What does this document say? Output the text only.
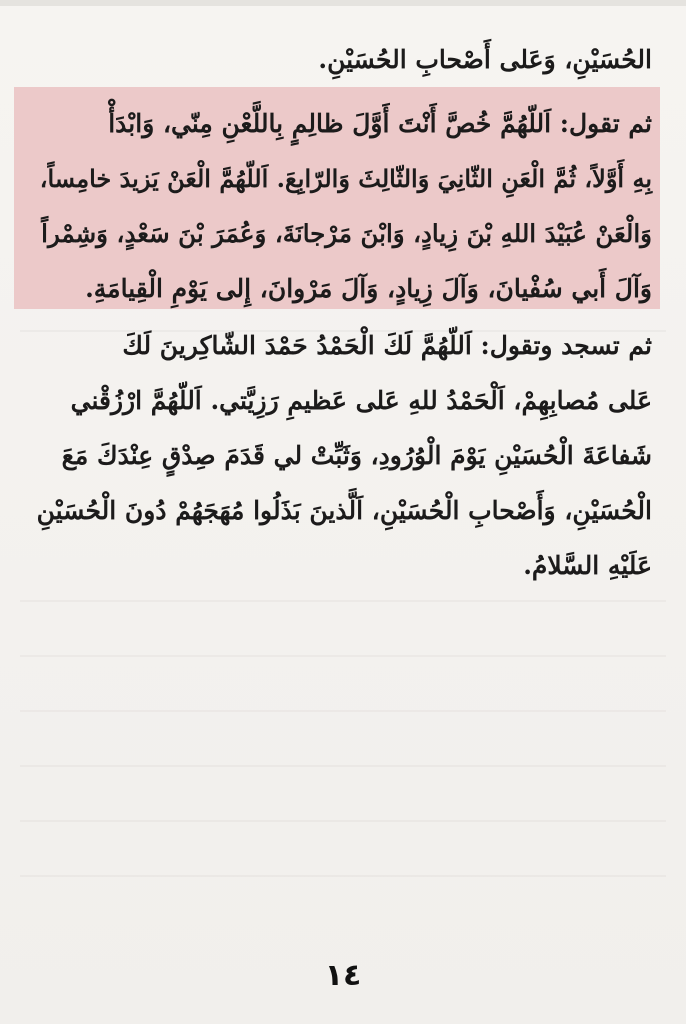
الحُسَيْنِ، وَعَلى أَصْحابِ الحُسَيْنِ.
ثم تقول: اَللّهُمَّ خُصَّ أَنْتَ أَوَّلَ ظالِمٍ بِاللَّعْنِ مِنّي، وَابْدَأْ
بِهِ أَوَّلاً، ثُمَّ الْعَنِ الثّانِيَ وَالثّالِثَ وَالرّابِعَ. اَللّهُمَّ الْعَنْ يَزيدَ خامِساً،
وَالْعَنْ عُبَيْدَ اللهِ بْنَ زِيادٍ، وَابْنَ مَرْجانَةَ، وَعُمَرَ بْنَ سَعْدٍ، وَشِمْراً
وَآلَ أَبي سُفْيانَ، وَآلَ زِيادٍ، وَآلَ مَرْوانَ، إِلى يَوْمِ الْقِيامَةِ.
ثم تسجد وتقول: اَللّهُمَّ لَكَ الْحَمْدُ حَمْدَ الشّاكِرينَ لَكَ
عَلى مُصابِهِمْ، اَلْحَمْدُ للهِ عَلى عَظيمِ رَزِيَّتي. اَللّهُمَّ ارْزُقْني
شَفاعَةَ الْحُسَيْنِ يَوْمَ الْوُرُودِ، وَثَبِّتْ لي قَدَمَ صِدْقٍ عِنْدَكَ مَعَ
الْحُسَيْنِ، وَأَصْحابِ الْحُسَيْنِ، اَلَّذينَ بَذَلُوا مُهَجَهُمْ دُونَ الْحُسَيْنِ
عَلَيْهِ السَّلامُ.
١٤
